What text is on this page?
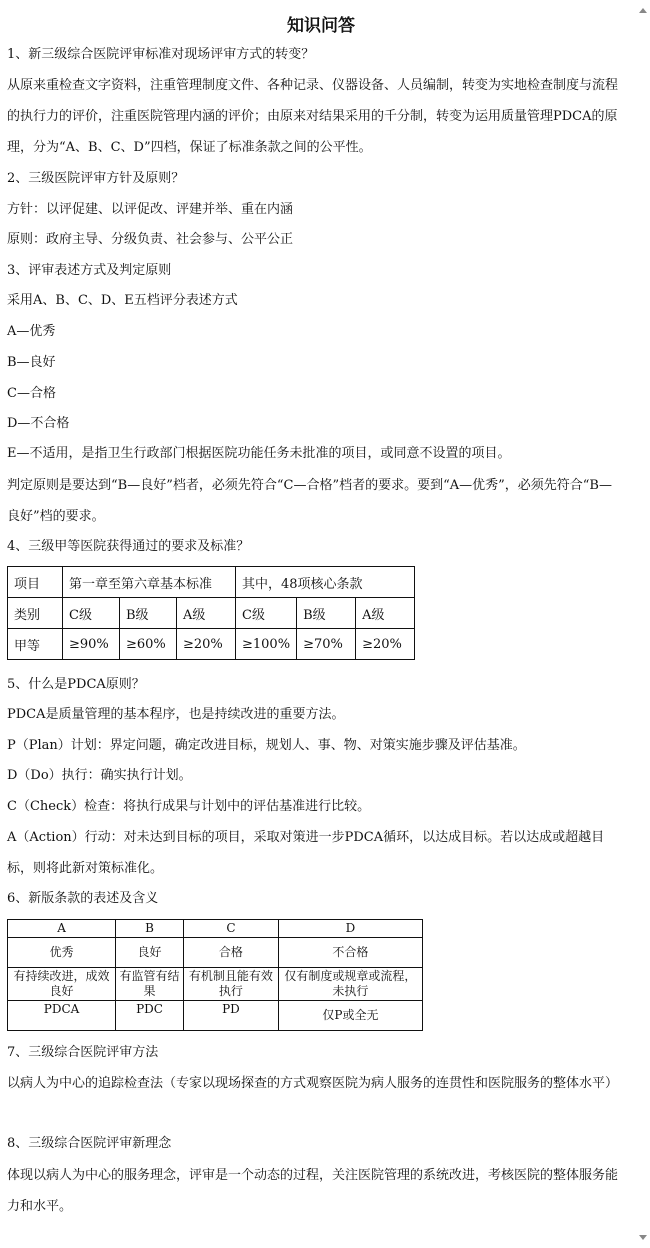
知识问答
1、新三级综合医院评审标准对现场评审方式的转变？
从原来重检查文字资料，注重管理制度文件、各种记录、仪器设备、人员编制，转变为实地检查制度与流程的执行力的评价，注重医院管理内涵的评价；由原来对结果采用的千分制，转变为运用质量管理PDCA的原理，分为“A、B、C、D”四档，保证了标准条款之间的公平性。
2、三级医院评审方针及原则？
方针：以评促建、以评促改、评建并举、重在内涵
原则：政府主导、分级负责、社会参与、公平公正
3、评审表述方式及判定原则
采用A、B、C、D、E五档评分表述方式
A—优秀
B—良好
C—合格
D—不合格
E—不适用，是指卫生行政部门根据医院功能任务未批准的项目，或同意不设置的项目。
判定原则是要达到“B—良好”档者，必须先符合“C—合格”档者的要求。要到“A—优秀”，必须先符合“B—良好”档的要求。
4、三级甲等医院获得通过的要求及标准？
项目	第一章至第六章基本标准			其中，48项核心条款		
类别	C级	B级	A级	C级	B级	A级
甲等	≥90%	≥60%	≥20%	≥100%	≥70%	≥20%
5、什么是PDCA原则？
PDCA是质量管理的基本程序，也是持续改进的重要方法。
P（Plan）计划：界定问题，确定改进目标，规划人、事、物、对策实施步骤及评估基准。
D（Do）执行：确实执行计划。
C（Check）检查：将执行成果与计划中的评估基准进行比较。
A（Action）行动：对未达到目标的项目，采取对策进一步PDCA循环，以达成目标。若以达成或超越目标，则将此新对策标准化。
6、新版条款的表述及含义
A	B	C	D
优秀	良好	合格	不合格
有持续改进，成效良好	有监管有结果	有机制且能有效执行	仅有制度或规章或流程，未执行
PDCA	PDC	PD	仅P或全无
7、三级综合医院评审方法
以病人为中心的追踪检查法（专家以现场探查的方式观察医院为病人服务的连贯性和医院服务的整体水平）
8、三级综合医院评审新理念
体现以病人为中心的服务理念，评审是一个动态的过程，关注医院管理的系统改进，考核医院的整体服务能力和水平。
